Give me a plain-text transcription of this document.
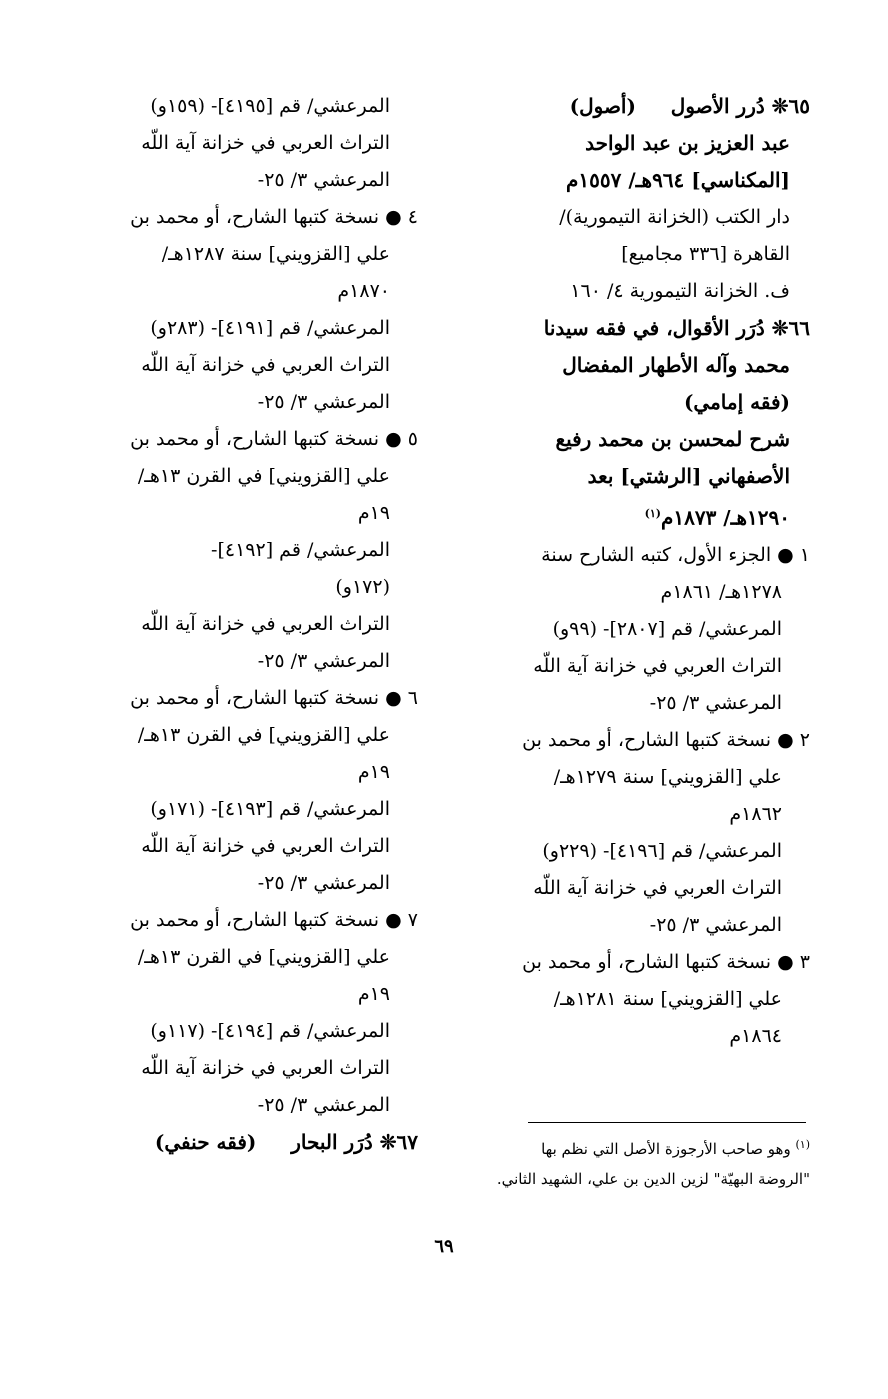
٦٥❊ دُرر الأصول     (أصول)
عبد العزيز بن عبد الواحد
[المكناسي] ٩٦٤هـ/ ١٥٥٧م
دار الكتب (الخزانة التيمورية)/
القاهرة [٣٣٦ مجاميع]
ف. الخزانة التيمورية ٤/ ١٦٠
٦٦❊ دُرَر الأقوال، في فقه سيدنا
محمد وآله الأطهار المفضال
(فقه إمامي)
شرح لمحسن بن محمد رفيع
الأصفهاني [الرشتي] بعد
١٢٩٠هـ/ ١٨٧٣م$^{(١)}$
١ ● الجزء الأول، كتبه الشارح سنة
١٢٧٨هـ/ ١٨٦١م
المرعشي/ قم [٢٨٠٧]- (٩٩و)
التراث العربي في خزانة آية اللّه
المرعشي ٣/ ٢٥-
٢ ● نسخة كتبها الشارح، أو محمد بن
علي [القزويني] سنة ١٢٧٩هـ/
١٨٦٢م
المرعشي/ قم [٤١٩٦]- (٢٢٩و)
التراث العربي في خزانة آية اللّه
المرعشي ٣/ ٢٥-
٣ ● نسخة كتبها الشارح، أو محمد بن
علي [القزويني] سنة ١٢٨١هـ/
١٨٦٤م
المرعشي/ قم [٤١٩٥]- (١٥٩و)
التراث العربي في خزانة آية اللّه
المرعشي ٣/ ٢٥-
٤ ● نسخة كتبها الشارح، أو محمد بن
علي [القزويني] سنة ١٢٨٧هـ/
١٨٧٠م
المرعشي/ قم [٤١٩١]- (٢٨٣و)
التراث العربي في خزانة آية اللّه
المرعشي ٣/ ٢٥-
٥ ● نسخة كتبها الشارح، أو محمد بن
علي [القزويني] في القرن ١٣هـ/
١٩م
المرعشي/ قم [٤١٩٢]-
(١٧٢و)
التراث العربي في خزانة آية اللّه
المرعشي ٣/ ٢٥-
٦ ● نسخة كتبها الشارح، أو محمد بن
علي [القزويني] في القرن ١٣هـ/
١٩م
المرعشي/ قم [٤١٩٣]- (١٧١و)
التراث العربي في خزانة آية اللّه
المرعشي ٣/ ٢٥-
٧ ● نسخة كتبها الشارح، أو محمد بن
علي [القزويني] في القرن ١٣هـ/
١٩م
المرعشي/ قم [٤١٩٤]- (١١٧و)
التراث العربي في خزانة آية اللّه
المرعشي ٣/ ٢٥-
٦٧❊ دُرَر البحار     (فقه حنفي)	$^{(١)}$ وهو صاحب الأرجوزة الأصل التي نظم بها
"الروضة البهيّة" لزين الدين بن علي، الشهيد الثاني.
٦٩
